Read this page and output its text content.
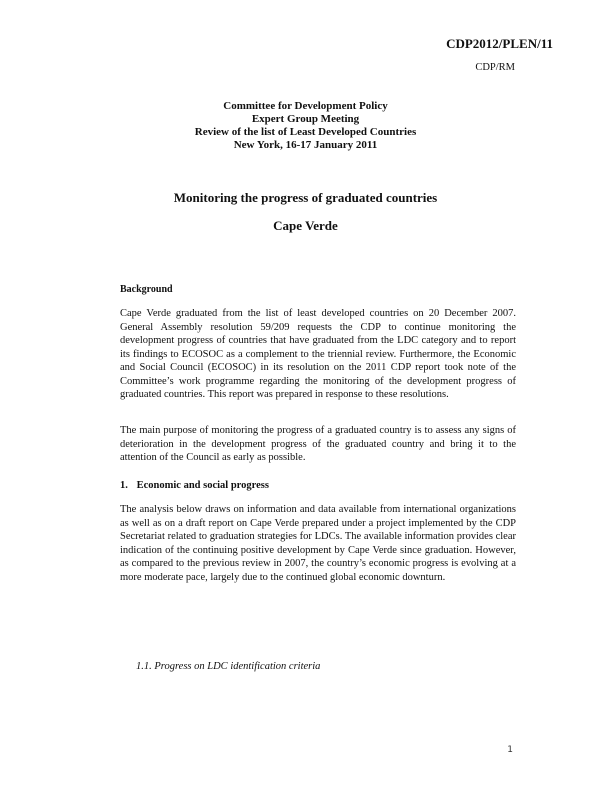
CDP2012/PLEN/11
CDP/RM
Committee for Development Policy
Expert Group Meeting
Review of the list of Least Developed Countries
New York, 16-17 January 2011
Monitoring the progress of graduated countries
Cape Verde
Background

Cape Verde graduated from the list of least developed countries on 20 December 2007. General Assembly resolution 59/209 requests the CDP to continue monitoring the development progress of countries that have graduated from the LDC category and to report its findings to ECOSOC as a complement to the triennial review. Furthermore, the Economic and Social Council (ECOSOC) in its resolution on the 2011 CDP report took note of the Committee’s work programme regarding the monitoring of the development progress of graduated countries. This report was prepared in response to these resolutions.

The main purpose of monitoring the progress of a graduated country is to assess any signs of deterioration in the development progress of the graduated country and bring it to the attention of the Council as early as possible.

1. Economic and social progress

The analysis below draws on information and data available from international organizations as well as on a draft report on Cape Verde prepared under a project implemented by the CDP Secretariat related to graduation strategies for LDCs. The available information provides clear indication of the continuing positive development by Cape Verde since graduation. However, as compared to the previous review in 2007, the country’s economic progress is evolving at a more moderate pace, largely due to the continued global economic downturn.

1.1. Progress on LDC identification criteria
1
